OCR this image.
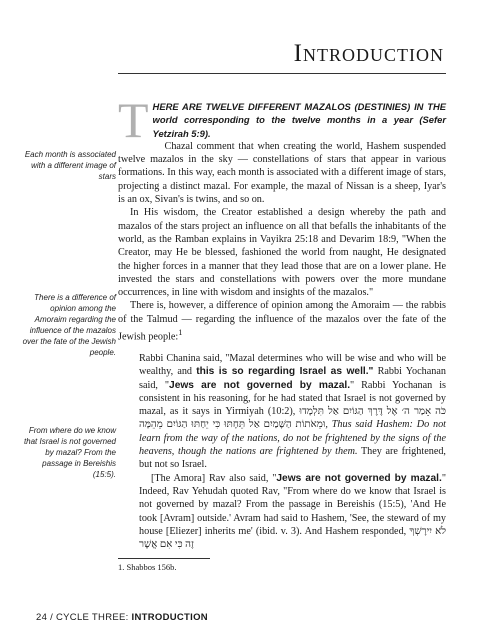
Introduction
Each month is associated with a different image of stars
There is a difference of opinion among the Amoraim regarding the influence of the mazalos over the fate of the Jewish people.
From where do we know that Israel is not governed by mazal? From the passage in Bereishis (15:5).
T HERE ARE TWELVE DIFFERENT MAZALOS (DESTINIES) IN THE world corresponding to the twelve months in a year (Sefer Yetzirah 5:9).

Chazal comment that when creating the world, Hashem suspended twelve mazalos in the sky — constellations of stars that appear in various formations. In this way, each month is associated with a different image of stars, projecting a distinct mazal. For example, the mazal of Nissan is a sheep, Iyar's is an ox, Sivan's is twins, and so on.

In His wisdom, the Creator established a design whereby the path and mazalos of the stars project an influence on all that befalls the inhabitants of the world, as the Ramban explains in Vayikra 25:18 and Devarim 18:9, "When the Creator, may He be blessed, fashioned the world from naught, He designated the higher forces in a manner that they lead those that are on a lower plane. He invested the stars and constellations with powers over the more mundane occurrences, in line with wisdom and insights of the mazalos."

There is, however, a difference of opinion among the Amoraim — the rabbis of the Talmud — regarding the influence of the mazalos over the fate of the Jewish people:$^1$

Rabbi Chanina said, "Mazal determines who will be wise and who will be wealthy, and this is so regarding Israel as well." Rabbi Yochanan said, "Jews are not governed by mazal." Rabbi Yochanan is consistent in his reasoning, for he had stated that Israel is not governed by mazal, as it says in Yirmiyah (10:2), כֹּה אָמַר ה׳ אֶל דֶּרֶךְ הַגּוֹיִם אַל תִּלְמָדוּ וּמֵאֹתוֹת הַשָּׁמַיִם אַל תֵּחָתּוּ כִּי יֵחַתּוּ הַגּוֹיִם מֵהֵמָּה, Thus said Hashem: Do not learn from the way of the nations, do not be frightened by the signs of the heavens, though the nations are frightened by them. They are frightened, but not so Israel.

[The Amora] Rav also said, "Jews are not governed by mazal." Indeed, Rav Yehudah quoted Rav, "From where do we know that Israel is not governed by mazal? From the passage in Bereishis (15:5), 'And He took [Avram] outside.' Avram had said to Hashem, 'See, the steward of my house [Eliezer] inherits me' (ibid. v. 3). And Hashem responded, לֹא יִירָשְׁךָ זֶה כִּי אִם אֲשֶׁר

1. Shabbos 156b.
24 / CYCLE THREE: INTRODUCTION
